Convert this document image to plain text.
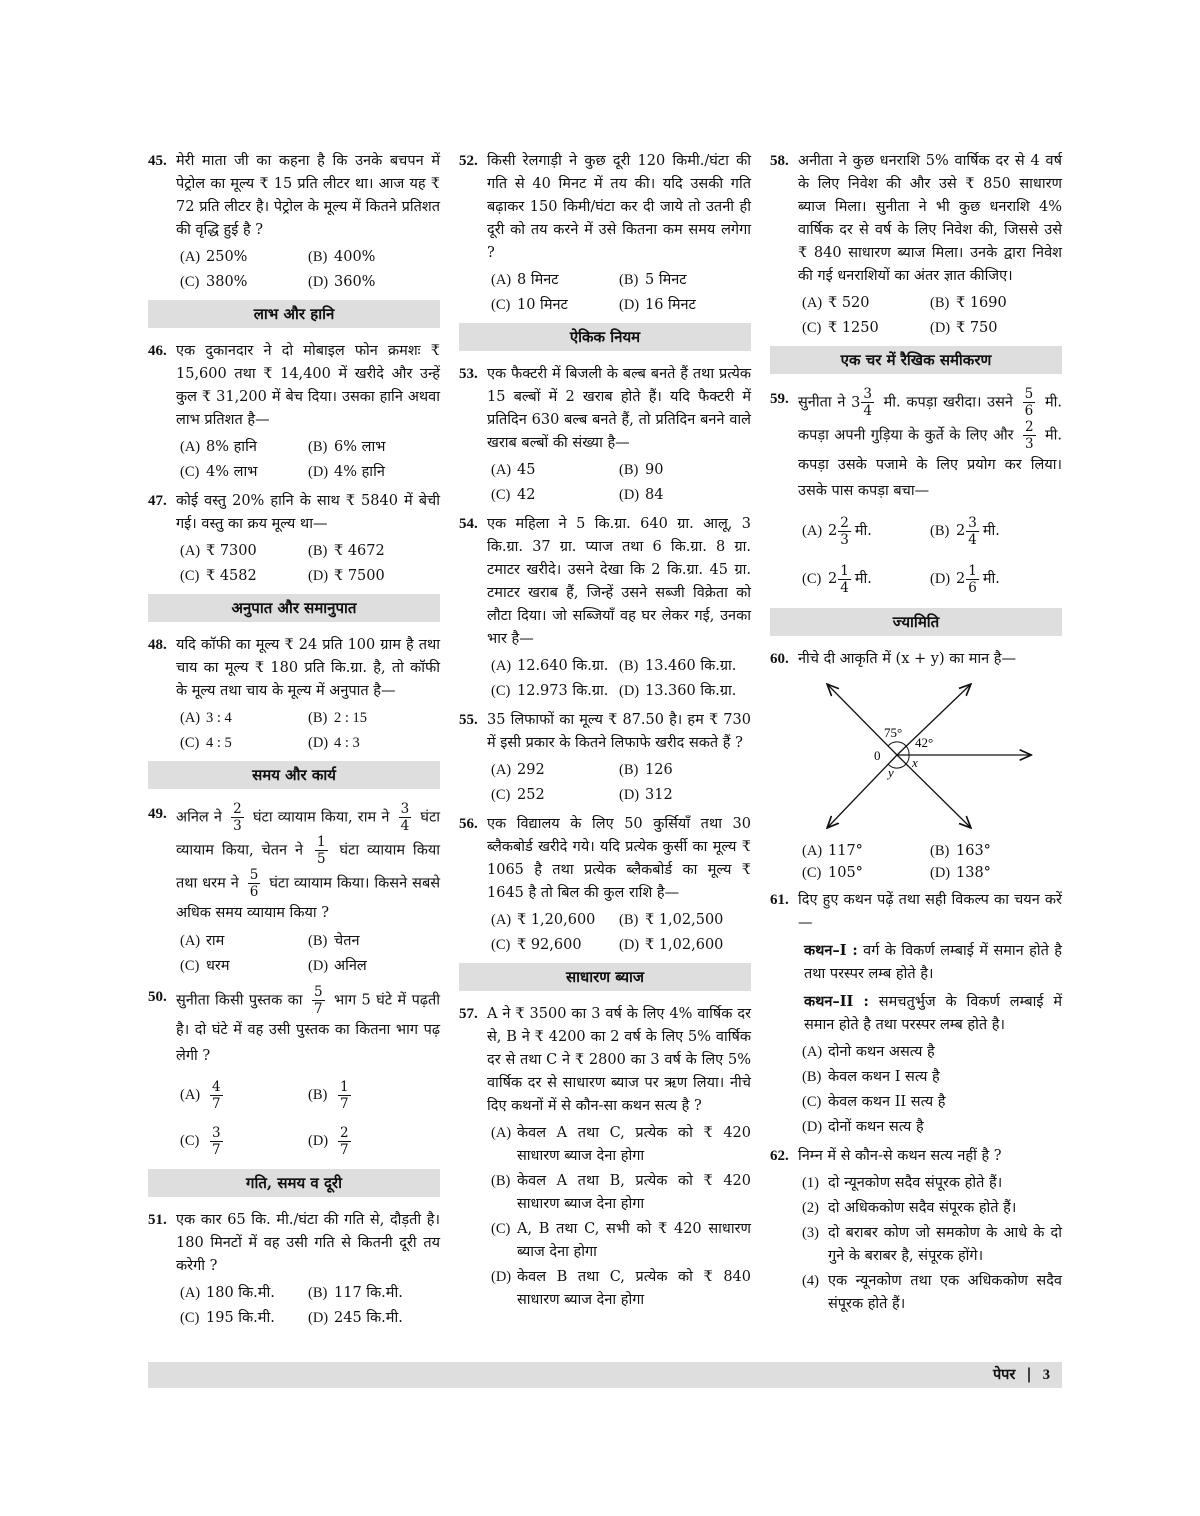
45. मेरी माता जी का कहना है कि उनके बचपन में पेट्रोल का मूल्य ₹ 15 प्रति लीटर था। आज यह ₹ 72 प्रति लीटर है। पेट्रोल के मूल्य में कितने प्रतिशत की वृद्धि हुई है ?
(A) 250%	(B) 400%
(C) 380%	(D) 360%
लाभ और हानि
46. एक दुकानदार ने दो मोबाइल फोन क्रमशः ₹ 15,600 तथा ₹ 14,400 में खरीदे और उन्हें कुल ₹ 31,200 में बेच दिया। उसका हानि अथवा लाभ प्रतिशत है—
(A) 8% हानि	(B) 6% लाभ
(C) 4% लाभ	(D) 4% हानि
47. कोई वस्तु 20% हानि के साथ ₹ 5840 में बेची गई। वस्तु का क्रय मूल्य था—
(A) ₹ 7300	(B) ₹ 4672
(C) ₹ 4582	(D) ₹ 7500
अनुपात और समानुपात
48. यदि कॉफी का मूल्य ₹ 24 प्रति 100 ग्राम है तथा चाय का मूल्य ₹ 180 प्रति कि.ग्रा. है, तो कॉफी के मूल्य तथा चाय के मूल्य में अनुपात है—
(A) 3 : 4	(B) 2 : 15
(C) 4 : 5	(D) 4 : 3
समय और कार्य
49. अनिल ने $\frac{2}{3}$ घंटा व्यायाम किया, राम ने $\frac{3}{4}$ घंटा व्यायाम किया, चेतन ने $\frac{1}{5}$ घंटा व्यायाम किया तथा धरम ने $\frac{5}{6}$ घंटा व्यायाम किया। किसने सबसे अधिक समय व्यायाम किया ?
(A) राम	(B) चेतन
(C) धरम	(D) अनिल
50. सुनीता किसी पुस्तक का $\frac{5}{7}$ भाग 5 घंटे में पढ़ती है। दो घंटे में वह उसी पुस्तक का कितना भाग पढ़ लेगी ?
$(A) \frac{4}{7}$	$(B) \frac{1}{7}$
$(C) \frac{3}{7}$	$(D) \frac{2}{7}$
गति, समय व दूरी
51. एक कार 65 कि. मी./घंटा की गति से, दौड़ती है। 180 मिनटों में वह उसी गति से कितनी दूरी तय करेगी ?
(A) 180 कि.मी. (B) 117 कि.मी.
(C) 195 कि.मी. (D) 245 कि.मी.
52. किसी रेलगाड़ी ने कुछ दूरी 120 किमी./घंटा की गति से 40 मिनट में तय की। यदि उसकी गति बढ़ाकर 150 किमी/घंटा कर दी जाये तो उतनी ही दूरी को तय करने में उसे कितना कम समय लगेगा ?
(A) 8 मिनट	(B) 5 मिनट
(C) 10 मिनट	(D) 16 मिनट
ऐकिक नियम
53. एक फैक्टरी में बिजली के बल्ब बनते हैं तथा प्रत्येक 15 बल्बों में 2 खराब होते हैं। यदि फैक्टरी में प्रतिदिन 630 बल्ब बनते हैं, तो प्रतिदिन बनने वाले खराब बल्बों की संख्या है—
(A) 45	(B) 90
(C) 42	(D) 84
54. एक महिला ने 5 कि.ग्रा. 640 ग्रा. आलू, 3 कि.ग्रा. 37 ग्रा. प्याज तथा 6 कि.ग्रा. 8 ग्रा. टमाटर खरीदे। उसने देखा कि 2 कि.ग्रा. 45 ग्रा. टमाटर खराब हैं, जिन्हें उसने सब्जी विक्रेता को लौटा दिया। जो सब्जियाँ वह घर लेकर गई, उनका भार है—
(A) 12.640 कि.ग्रा. (B) 13.460 कि.ग्रा.
(C) 12.973 कि.ग्रा. (D) 13.360 कि.ग्रा.
55. 35 लिफाफों का मूल्य ₹ 87.50 है। हम ₹ 730 में इसी प्रकार के कितने लिफाफे खरीद सकते हैं ?
(A) 292	(B) 126
(C) 252	(D) 312
56. एक विद्यालय के लिए 50 कुर्सियाँ तथा 30 ब्लैकबोर्ड खरीदे गये। यदि प्रत्येक कुर्सी का मूल्य ₹ 1065 है तथा प्रत्येक ब्लैकबोर्ड का मूल्य ₹ 1645 है तो बिल की कुल राशि है—
(A) ₹ 1,20,600 (B) ₹ 1,02,500
(C) ₹ 92,600	(D) ₹ 1,02,600
साधारण ब्याज
57. A ने ₹ 3500 का 3 वर्ष के लिए 4% वार्षिक दर से, B ने ₹ 4200 का 2 वर्ष के लिए 5% वार्षिक दर से तथा C ने ₹ 2800 का 3 वर्ष के लिए 5% वार्षिक दर से साधारण ब्याज पर ऋण लिया। नीचे दिए कथनों में से कौन-सा कथन सत्य है ?
(A) केवल A तथा C, प्रत्येक को ₹ 420 साधारण ब्याज देना होगा
(B) केवल A तथा B, प्रत्येक को ₹ 420 साधारण ब्याज देना होगा
(C) A, B तथा C, सभी को ₹ 420 साधारण ब्याज देना होगा
(D) केवल B तथा C, प्रत्येक को ₹ 840 साधारण ब्याज देना होगा
58. अनीता ने कुछ धनराशि 5% वार्षिक दर से 4 वर्ष के लिए निवेश की और उसे ₹ 850 साधारण ब्याज मिला। सुनीता ने भी कुछ धनराशि 4% वार्षिक दर से वर्ष के लिए निवेश की, जिससे उसे ₹ 840 साधारण ब्याज मिला। उनके द्वारा निवेश की गई धनराशियों का अंतर ज्ञात कीजिए।
(A) ₹ 520	(B) ₹ 1690
(C) ₹ 1250	(D) ₹ 750
एक चर में रैखिक समीकरण
59. सुनीता ने $3 \frac{3}{4}$ मी. कपड़ा खरीदा। उसने $\frac{5}{6}$ मी. कपड़ा अपनी गुड़िया के कुर्ते के लिए और $\frac{2}{3}$ मी. कपड़ा उसके पजामे के लिए प्रयोग कर लिया। उसके पास कपड़ा बचा—
(A) $2 \frac{2}{3}$ मी.	(B) $2 \frac{3}{4}$ मी.
(C) $2 \frac{1}{4}$ मी.	(D) $2 \frac{1}{6}$ मी.
ज्यामिति
60. नीचे दी आकृति में (x + y) का मान है—
75°
42°
0 x
y
(A) 117°	(B) 163°
(C) 105°	(D) 138°
61. दिए हुए कथन पढ़ें तथा सही विकल्प का चयन करें—
कथन–I : वर्ग के विकर्ण लम्बाई में समान होते है तथा परस्पर लम्ब होते है।
कथन–II : समचतुर्भुज के विकर्ण लम्बाई में समान होते है तथा परस्पर लम्ब होते है।
(A) दोनो कथन असत्य है
(B) केवल कथन I सत्य है
(C) केवल कथन II सत्य है
(D) दोनों कथन सत्य है
62. निम्न में से कौन-से कथन सत्य नहीं है ?
(1) दो न्यूनकोण सदैव संपूरक होते हैं।
(2) दो अधिककोण सदैव संपूरक होते हैं।
(3) दो बराबर कोण जो समकोण के आधे के दो गुने के बराबर है, संपूरक होंगे।
(4) एक न्यूनकोण तथा एक अधिककोण सदैव संपूरक होते हैं।
पेपर | 3
